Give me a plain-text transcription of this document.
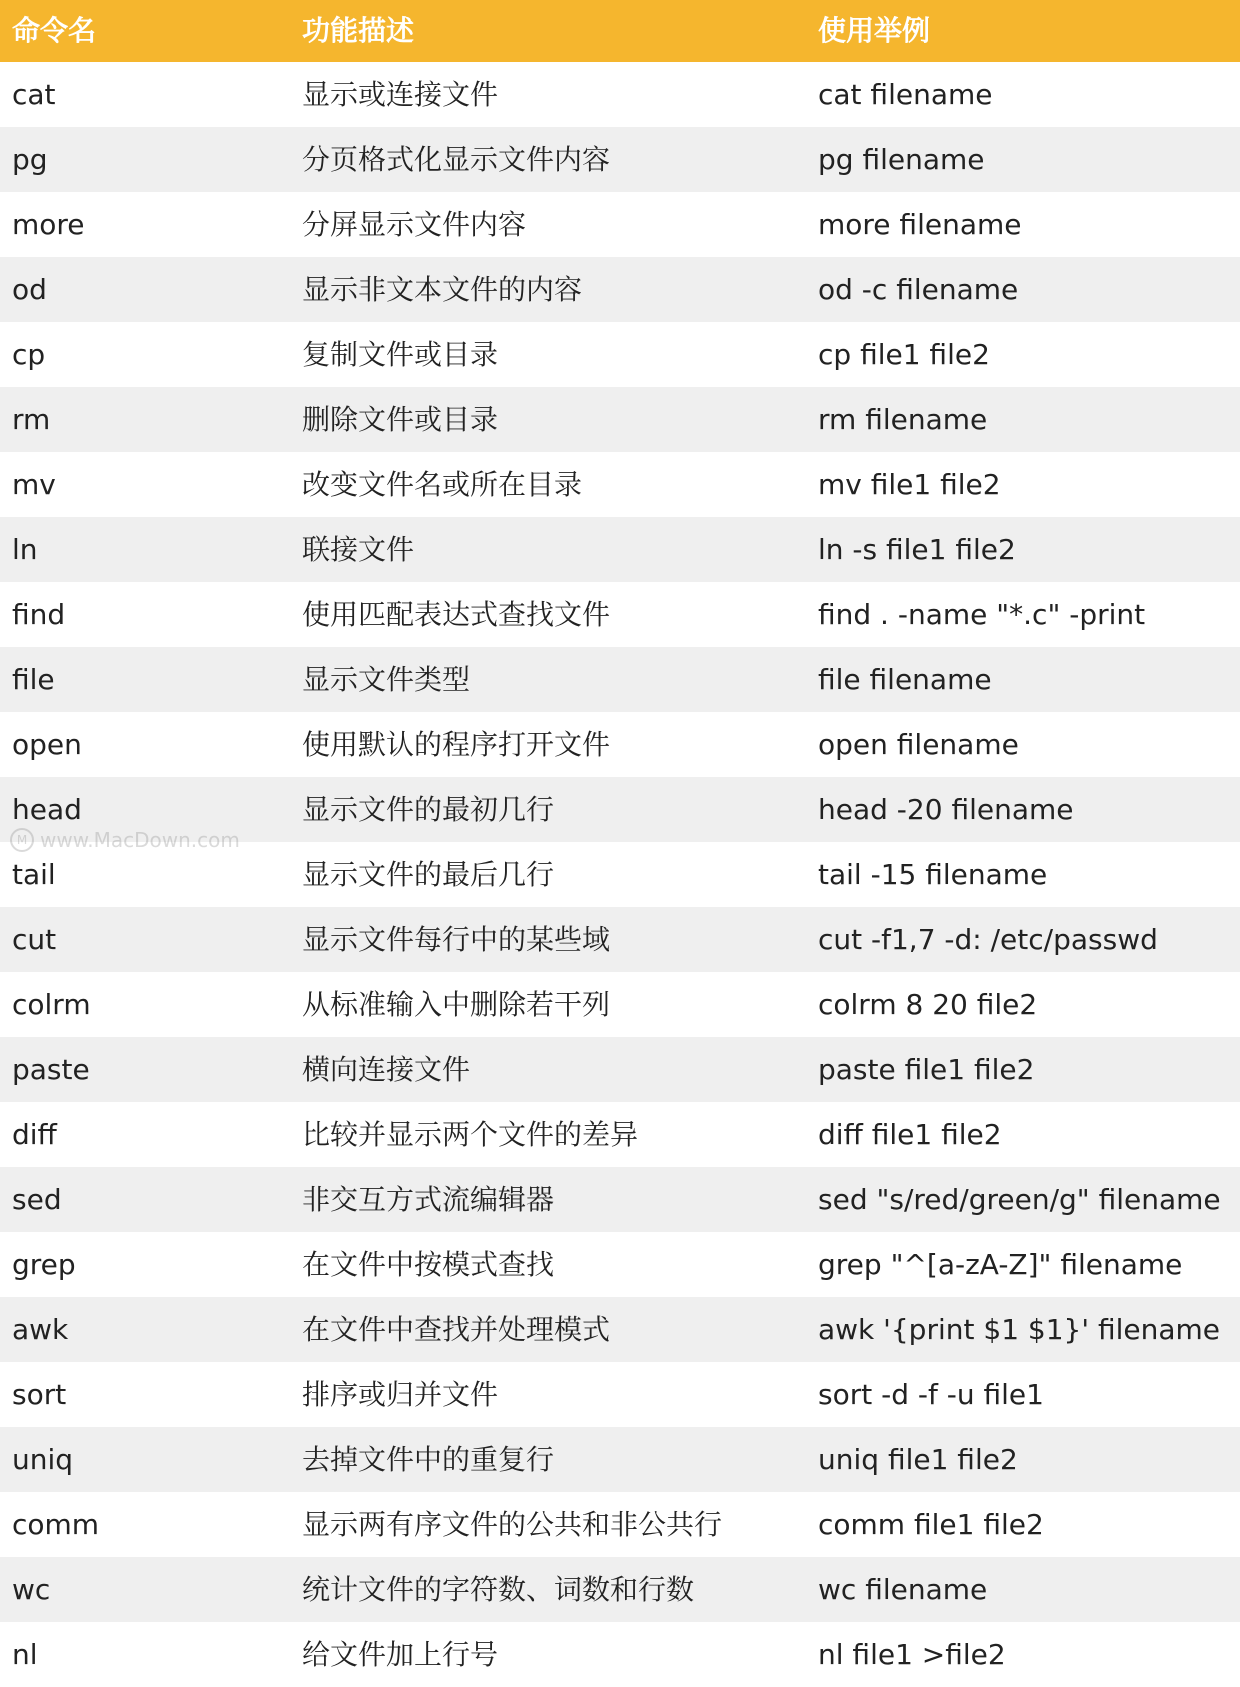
命令名	功能描述	使用举例
cat	显示或连接文件	cat filename
pg	分页格式化显示文件内容	pg filename
more	分屏显示文件内容	more filename
od	显示非文本文件的内容	od -c filename
cp	复制文件或目录	cp file1 file2
rm	删除文件或目录	rm filename
mv	改变文件名或所在目录	mv file1 file2
ln	联接文件	ln -s file1 file2
find	使用匹配表达式查找文件	find . -name "*.c" -print
file	显示文件类型	file filename
open	使用默认的程序打开文件	open filename
head	显示文件的最初几行	head -20 filename
tail	显示文件的最后几行	tail -15 filename
cut	显示文件每行中的某些域	cut -f1,7 -d: /etc/passwd
colrm	从标准输入中删除若干列	colrm 8 20 file2
paste	横向连接文件	paste file1 file2
diff	比较并显示两个文件的差异	diff file1 file2
sed	非交互方式流编辑器	sed "s/red/green/g" filename
grep	在文件中按模式查找	grep "^[a-zA-Z]" filename
awk	在文件中查找并处理模式	awk '{print $1 $1}' filename
sort	排序或归并文件	sort -d -f -u file1
uniq	去掉文件中的重复行	uniq file1 file2
comm	显示两有序文件的公共和非公共行	comm file1 file2
wc	统计文件的字符数、词数和行数	wc filename
nl	给文件加上行号	nl file1 >file2
M www.MacDown.com
